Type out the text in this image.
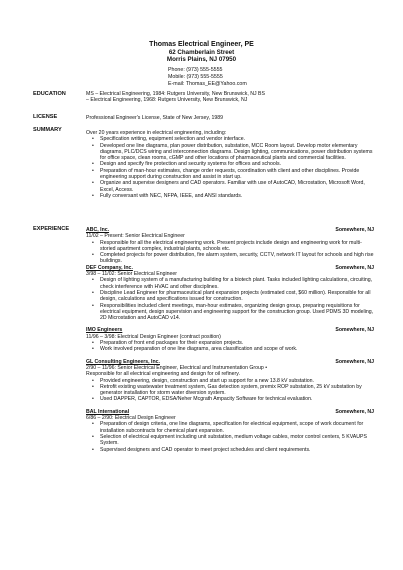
Thomas Electrical Engineer, PE
62 Chamberlain Street
Morris Plains, NJ 07950
Phone: (973) 555-5555
Mobile: (973) 555-5555
E-mail: Thomas_EE@Yahoo.com
EDUCATION	MS – Electrical Engineering, 1984: Rutgers University, New Brunswick, NJ BS

– Electrical Engineering, 1968: Rutgers University, New Brunswick, NJ

LICENSE	Professional Engineer's License, State of New Jersey, 1989

SUMMARY	Over 20 years experience in electrical engineering, including:

• Specification writing, equipment selection and vendor interface.
• Developed one line diagrams, plan power distribution, substation, MCC Room layout. Develop motor elementary diagrams, PLC/DCS wiring and interconnection diagrams. Design lighting, communications, power distribution systems for office space, clean rooms, cGMP and other locations of pharmaceutical plants and commercial facilities.
• Design and specify fire protection and security systems for offices and schools.
• Preparation of man-hour estimates, change order requests, coordination with client and other disciplines. Provide engineering support during construction and assist in start up.
• Organize and supervise designers and CAD operators. Familiar with use of AutoCAD, Microstation, Microsoft Word, Excel, Access.
• Fully conversant with NEC, NFPA, IEEE, and ANSI standards.
EXPERIENCE	ABC, Inc.	Somewhere, NJ

11/02 – Present: Senior Electrical Engineer

• Responsible for all the electrical engineering work. Present projects include design and engineering work for multi-storied apartment complex, industrial plants, schools etc.
• Completed projects for power distribution, fire alarm system, security, CCTV, network IT layout for schools and high rise buildings.
DEF Company, Inc.	Somewhere, NJ

3/98 – 11/02: Senior Electrical Engineer

• Design of lighting system of a manufacturing building for a biotech plant. Tasks included lighting calculations, circuiting, check interference with HVAC and other disciplines.
• Discipline Lead Engineer for pharmaceutical plant expansion projects (estimated cost, $60 million). Responsible for all design, calculations and specifications issued for construction.
• Responsibilities included client meetings, man-hour estimates, organizing design group, preparing requisitions for electrical equipment, design supervision and engineering support for the construction group. Used PDMS 3D modeling, 2D Microstation and AutoCAD v14.
IMO Engineers	Somewhere, NJ

11/96 – 3/98: Electrical Design Engineer (contract position)

• Preparation of front end packages for their expansion projects.
• Work involved preparation of one line diagrams, area classification and scope of work.
GL Consulting Engineers, Inc.	Somewhere, NJ

2/90 – 11/96: Senior Electrical Engineer, Electrical and Instrumentation Group •

Responsible for all electrical engineering and design for oil refinery.

• Provided engineering, design, construction and start up support for a new 13.8 kV substation.
• Retrofit existing wastewater treatment system, Gas detection system, premix ROP substation, 25 kV substation by generator installation for storm water diversion system.
• Used DAPPER, CAPTOR, EDSA/Neher Mcgrath Ampacity Software for technical evaluation.
BAL International	Somewhere, NJ

6/86 – 2/90: Electrical Design Engineer

• Preparation of design criteria, one line diagrams, specification for electrical equipment, scope of work document for installation subcontracts for chemical plant expansion.
• Selection of electrical equipment including unit substation, medium voltage cables, motor control centers, 5 KVAUPS System.
• Supervised designers and CAD operator to meet project schedules and client requirements.
